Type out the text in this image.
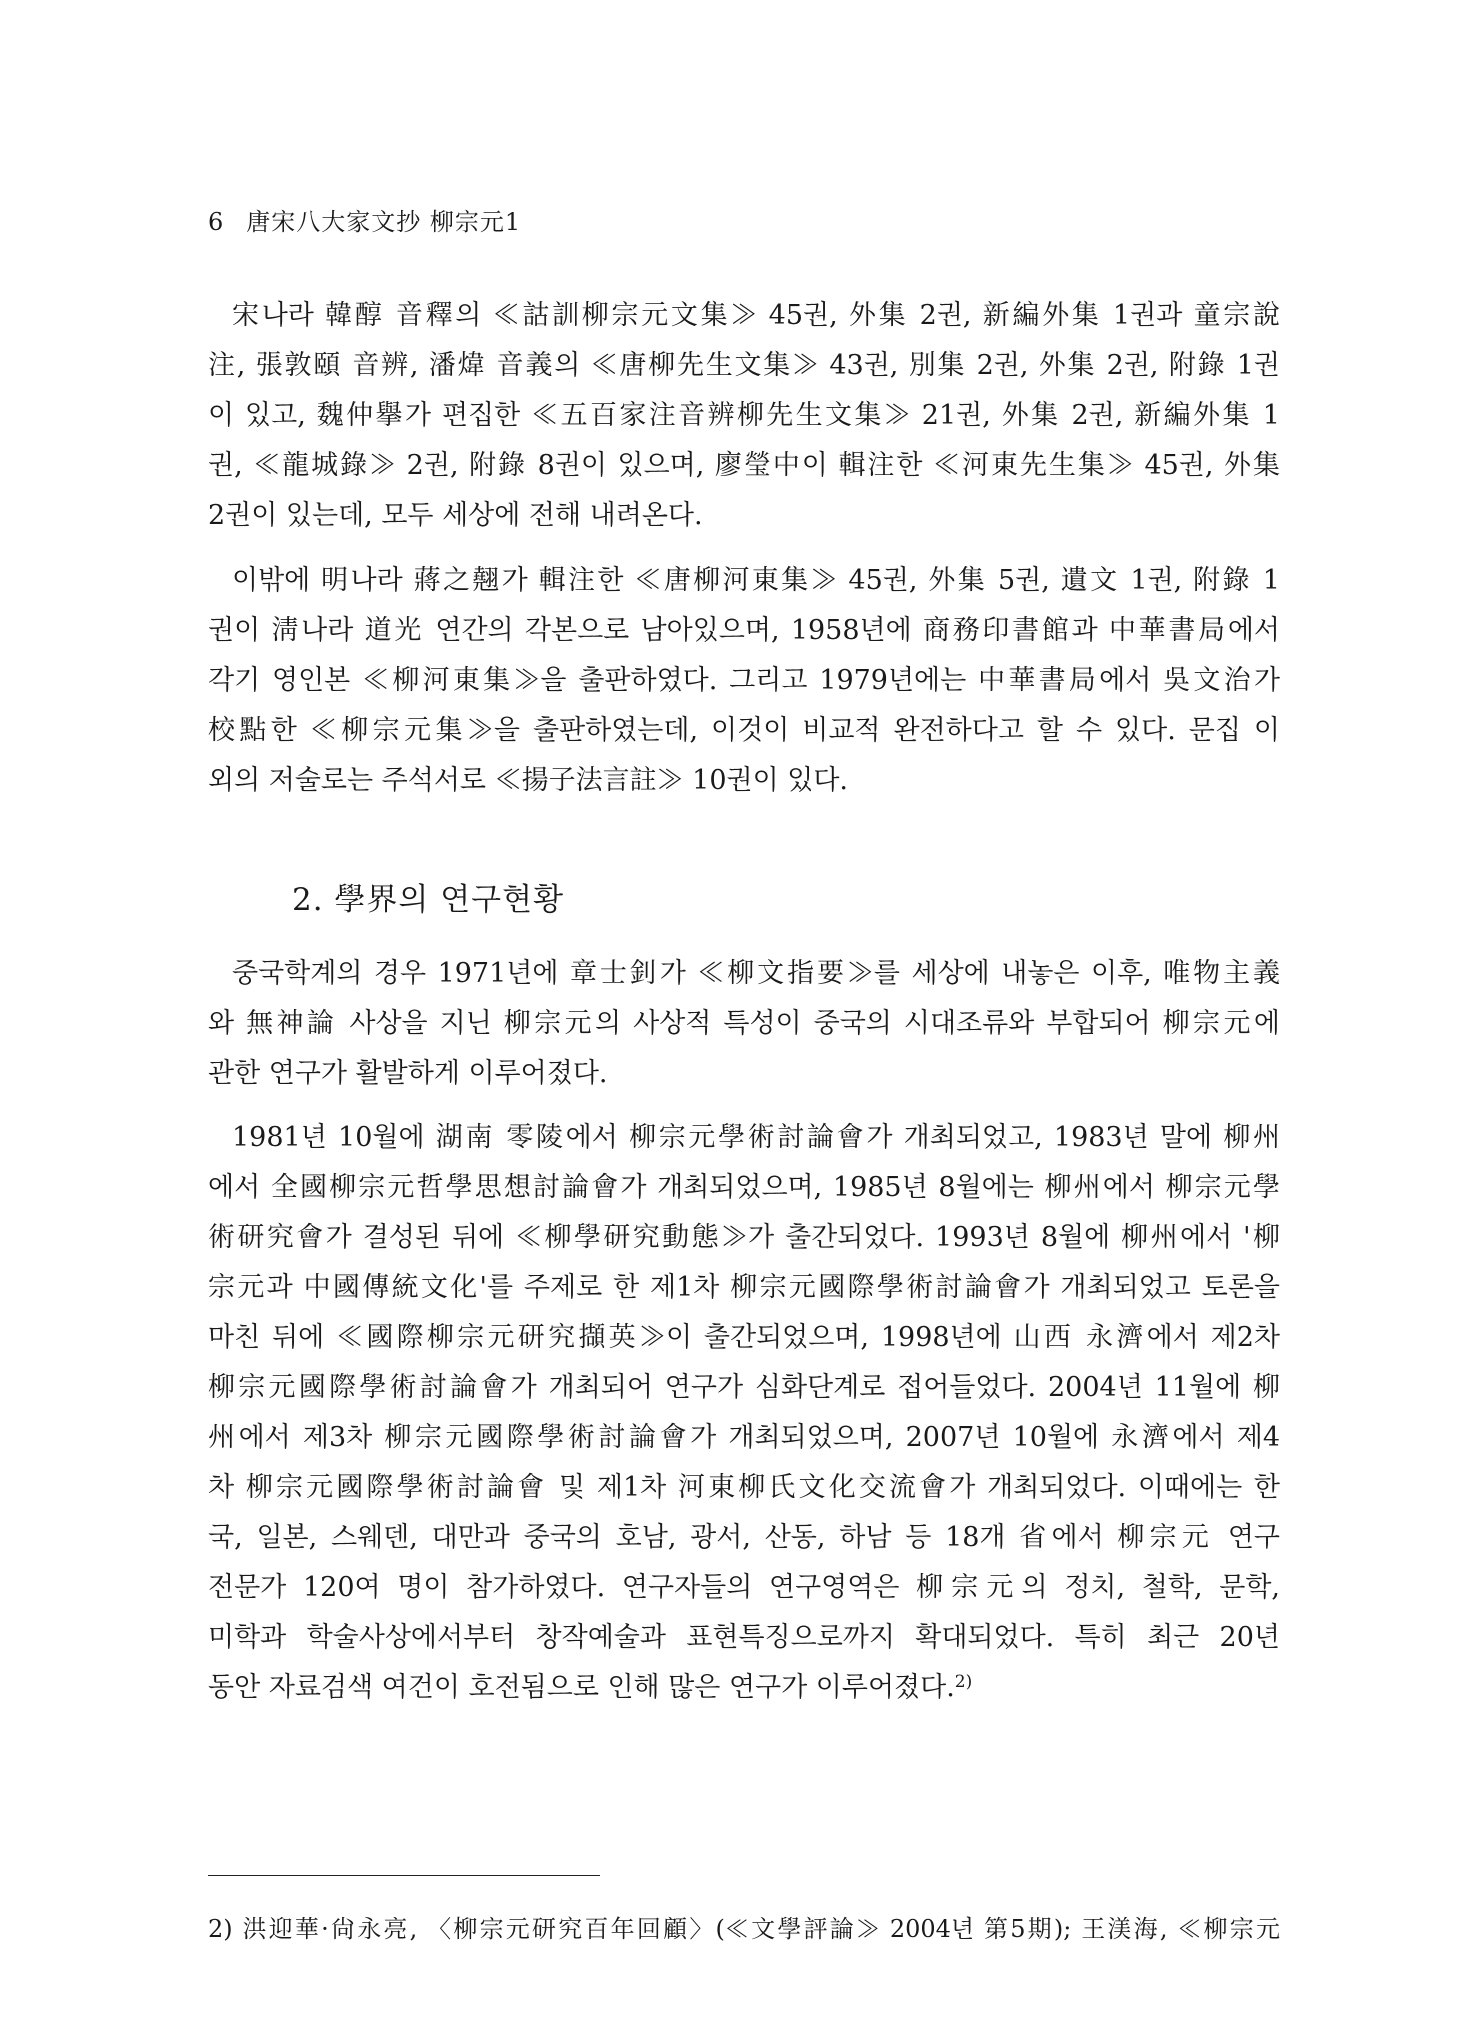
6 唐宋八大家文抄 柳宗元1
宋나라 韓醇 音釋의 ≪詁訓柳宗元文集≫ 45권, 外集 2권, 新編外集 1권과 童宗說
注, 張敦頤 音辨, 潘煒 音義의 ≪唐柳先生文集≫ 43권, 別集 2권, 外集 2권, 附錄 1권
이 있고, 魏仲擧가 편집한 ≪五百家注音辨柳先生文集≫ 21권, 外集 2권, 新編外集 1
권, ≪龍城錄≫ 2권, 附錄 8권이 있으며, 廖瑩中이 輯注한 ≪河東先生集≫ 45권, 外集
2권이 있는데, 모두 세상에 전해 내려온다.
이밖에 明나라 蔣之翹가 輯注한 ≪唐柳河東集≫ 45권, 外集 5권, 遺文 1권, 附錄 1
권이 淸나라 道光 연간의 각본으로 남아있으며, 1958년에 商務印書館과 中華書局에서
각기 영인본 ≪柳河東集≫을 출판하였다. 그리고 1979년에는 中華書局에서 吳文治가
校點한 ≪柳宗元集≫을 출판하였는데, 이것이 비교적 완전하다고 할 수 있다. 문집 이
외의 저술로는 주석서로 ≪揚子法言註≫ 10권이 있다.
2. 學界의 연구현황
중국학계의 경우 1971년에 章士釗가 ≪柳文指要≫를 세상에 내놓은 이후, 唯物主義
와 無神論 사상을 지닌 柳宗元의 사상적 특성이 중국의 시대조류와 부합되어 柳宗元에
관한 연구가 활발하게 이루어졌다.
1981년 10월에 湖南 零陵에서 柳宗元學術討論會가 개최되었고, 1983년 말에 柳州
에서 全國柳宗元哲學思想討論會가 개최되었으며, 1985년 8월에는 柳州에서 柳宗元學
術研究會가 결성된 뒤에 ≪柳學研究動態≫가 출간되었다. 1993년 8월에 柳州에서 '柳
宗元과 中國傳統文化'를 주제로 한 제1차 柳宗元國際學術討論會가 개최되었고 토론을
마친 뒤에 ≪國際柳宗元研究擷英≫이 출간되었으며, 1998년에 山西 永濟에서 제2차
柳宗元國際學術討論會가 개최되어 연구가 심화단계로 접어들었다. 2004년 11월에 柳
州에서 제3차 柳宗元國際學術討論會가 개최되었으며, 2007년 10월에 永濟에서 제4
차 柳宗元國際學術討論會 및 제1차 河東柳氏文化交流會가 개최되었다. 이때에는 한
국, 일본, 스웨덴, 대만과 중국의 호남, 광서, 산동, 하남 등 18개 省에서 柳宗元 연구
전문가 120여 명이 참가하였다. 연구자들의 연구영역은 柳宗元의 정치, 철학, 문학,
미학과 학술사상에서부터 창작예술과 표현특징으로까지 확대되었다. 특히 최근 20년
동안 자료검색 여건이 호전됨으로 인해 많은 연구가 이루어졌다.$^{2)}$
2) 洪迎華·尙永亮, 〈柳宗元研究百年回顧〉(≪文學評論≫ 2004년 第5期); 王渼海, ≪柳宗元
